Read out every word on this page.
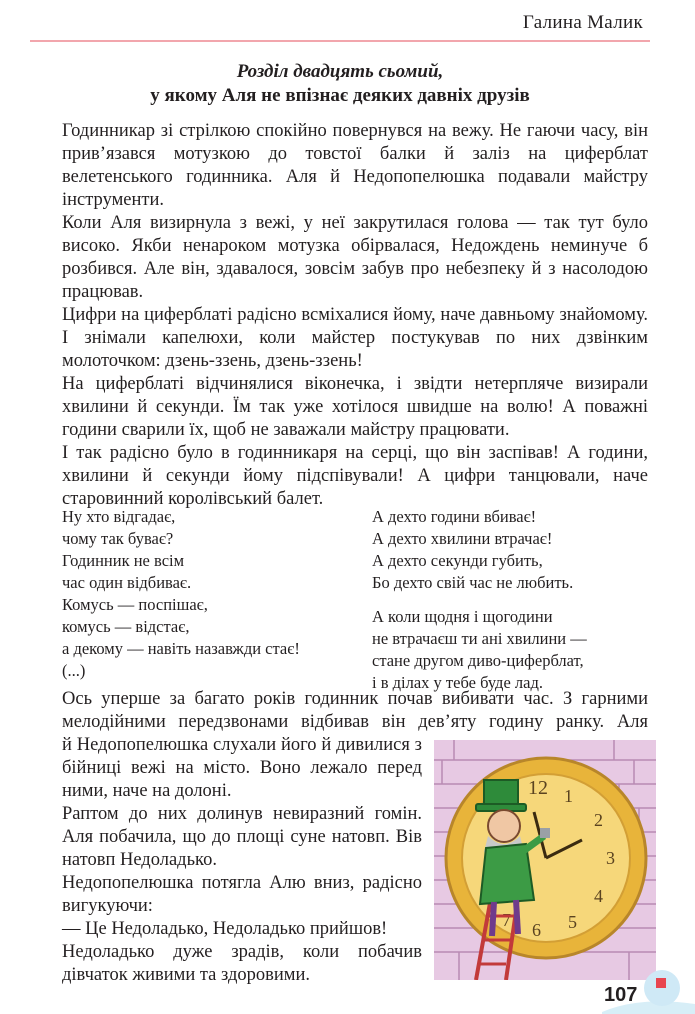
Галина Малик
Розділ двадцять сьомий,
у якому Аля не впізнає деяких давніх друзів

Годинникар зі стрілкою спокійно повернувся на вежу. Не гаючи часу, він прив’язався мотузкою до товстої балки й заліз на циферблат велетенського годинника. Аля й Недопопелюшка подавали майстру інструменти.

Коли Аля визирнула з вежі, у неї закрутилася голова — так тут було високо. Якби ненароком мотузка обірвалася, Недождень неминуче б розбився. Але він, здавалося, зовсім забув про небезпеку й з насолодою працював.

Цифри на циферблаті радісно всміхалися йому, наче давньому знайомому. І знімали капелюхи, коли майстер постукував по них дзвінким молоточком: дзень-ззень, дзень-ззень!

На циферблаті відчинялися віконечка, і звідти нетерпляче визирали хвилини й секунди. Їм так уже хотілося швидше на волю! А поважні години сварили їх, щоб не заважали майстру працювати.

І так радісно було в годинникаря на серці, що він заспівав! А години, хвилини й секунди йому підспівували! А цифри танцювали, наче старовинний королівський балет.

Ну хто відгадає,
чому так буває?
Годинник не всім
час один відбиває.
Комусь — поспішає,
комусь — відстає,
а декому — навіть назавжди стає!
(...)
А дехто години вбиває!
А дехто хвилини втрачає!
А дехто секунди губить,
Бо дехто свій час не любить.
А коли щодня і щогодини
не втрачаєш ти ані хвилини —
стане другом диво-циферблат,
і в ділах у тебе буде лад.

Ось уперше за багато років годинник почав вибивати час. З гарними мелодійними передзвонами відбивав він дев’яту годину ранку. Аля

й Недопопелюшка слухали його й дивилися з бійниці вежі на місто. Воно лежало перед ними, наче на долоні.

Раптом до них долинув невиразний гомін. Аля побачила, що до площі суне натовп. Вів натовп Недоладько.

Недопопелюшка потягла Алю вниз, радісно вигукуючи:

— Це Недоладько, Недоладько прийшов!

Недоладько дуже зрадів, коли побачив дівчаток живими та здоровими.

12 1
2
3
4
5
6
7
107
